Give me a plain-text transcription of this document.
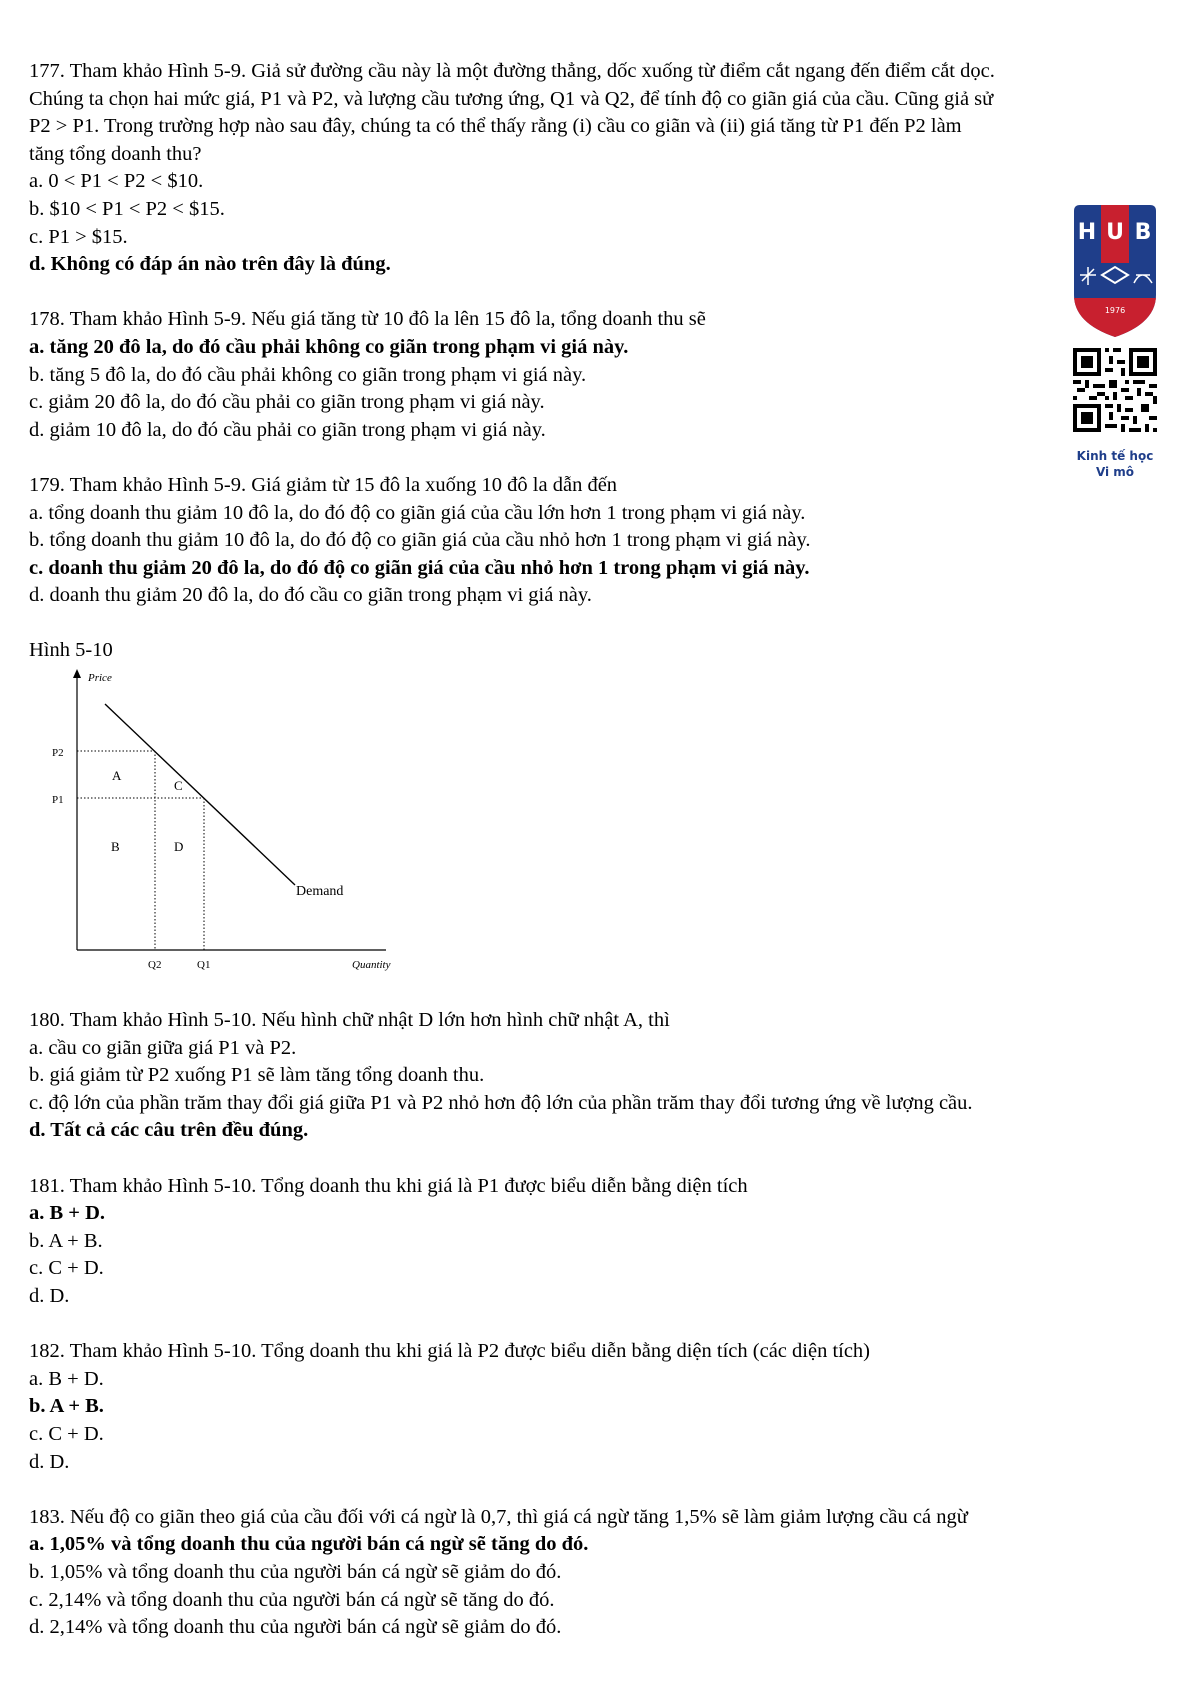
H U B
1976
Kinh tế học
Vi mô
177. Tham khảo Hình 5-9. Giả sử đường cầu này là một đường thẳng, dốc xuống từ điểm cắt ngang đến điểm cắt dọc.
Chúng ta chọn hai mức giá, P1 và P2, và lượng cầu tương ứng, Q1 và Q2, để tính độ co giãn giá của cầu. Cũng giả sử
P2 > P1. Trong trường hợp nào sau đây, chúng ta có thể thấy rằng (i) cầu co giãn và (ii) giá tăng từ P1 đến P2 làm
tăng tổng doanh thu?
a. 0 < P1 < P2 < $10.
b. $10 < P1 < P2 < $15.
c. P1 > $15.
d. Không có đáp án nào trên đây là đúng.
178. Tham khảo Hình 5-9. Nếu giá tăng từ 10 đô la lên 15 đô la, tổng doanh thu sẽ
a. tăng 20 đô la, do đó cầu phải không co giãn trong phạm vi giá này.
b. tăng 5 đô la, do đó cầu phải không co giãn trong phạm vi giá này.
c. giảm 20 đô la, do đó cầu phải co giãn trong phạm vi giá này.
d. giảm 10 đô la, do đó cầu phải co giãn trong phạm vi giá này.
179. Tham khảo Hình 5-9. Giá giảm từ 15 đô la xuống 10 đô la dẫn đến
a. tổng doanh thu giảm 10 đô la, do đó độ co giãn giá của cầu lớn hơn 1 trong phạm vi giá này.
b. tổng doanh thu giảm 10 đô la, do đó độ co giãn giá của cầu nhỏ hơn 1 trong phạm vi giá này.
c. doanh thu giảm 20 đô la, do đó độ co giãn giá của cầu nhỏ hơn 1 trong phạm vi giá này.
d. doanh thu giảm 20 đô la, do đó cầu co giãn trong phạm vi giá này.
Hình 5-10
180. Tham khảo Hình 5-10. Nếu hình chữ nhật D lớn hơn hình chữ nhật A, thì
a. cầu co giãn giữa giá P1 và P2.
b. giá giảm từ P2 xuống P1 sẽ làm tăng tổng doanh thu.
c. độ lớn của phần trăm thay đổi giá giữa P1 và P2 nhỏ hơn độ lớn của phần trăm thay đổi tương ứng về lượng cầu.
d. Tất cả các câu trên đều đúng.
181. Tham khảo Hình 5-10. Tổng doanh thu khi giá là P1 được biểu diễn bằng diện tích
a. B + D.
b. A + B.
c. C + D.
d. D.
182. Tham khảo Hình 5-10. Tổng doanh thu khi giá là P2 được biểu diễn bằng diện tích (các diện tích)
a. B + D.
b. A + B.
c. C + D.
d. D.
183. Nếu độ co giãn theo giá của cầu đối với cá ngừ là 0,7, thì giá cá ngừ tăng 1,5% sẽ làm giảm lượng cầu cá ngừ
a. 1,05% và tổng doanh thu của người bán cá ngừ sẽ tăng do đó.
b. 1,05% và tổng doanh thu của người bán cá ngừ sẽ giảm do đó.
c. 2,14% và tổng doanh thu của người bán cá ngừ sẽ tăng do đó.
d. 2,14% và tổng doanh thu của người bán cá ngừ sẽ giảm do đó.
Price
Quantity
Demand
P2
P1
Q2	Q1
A
C
B	D
